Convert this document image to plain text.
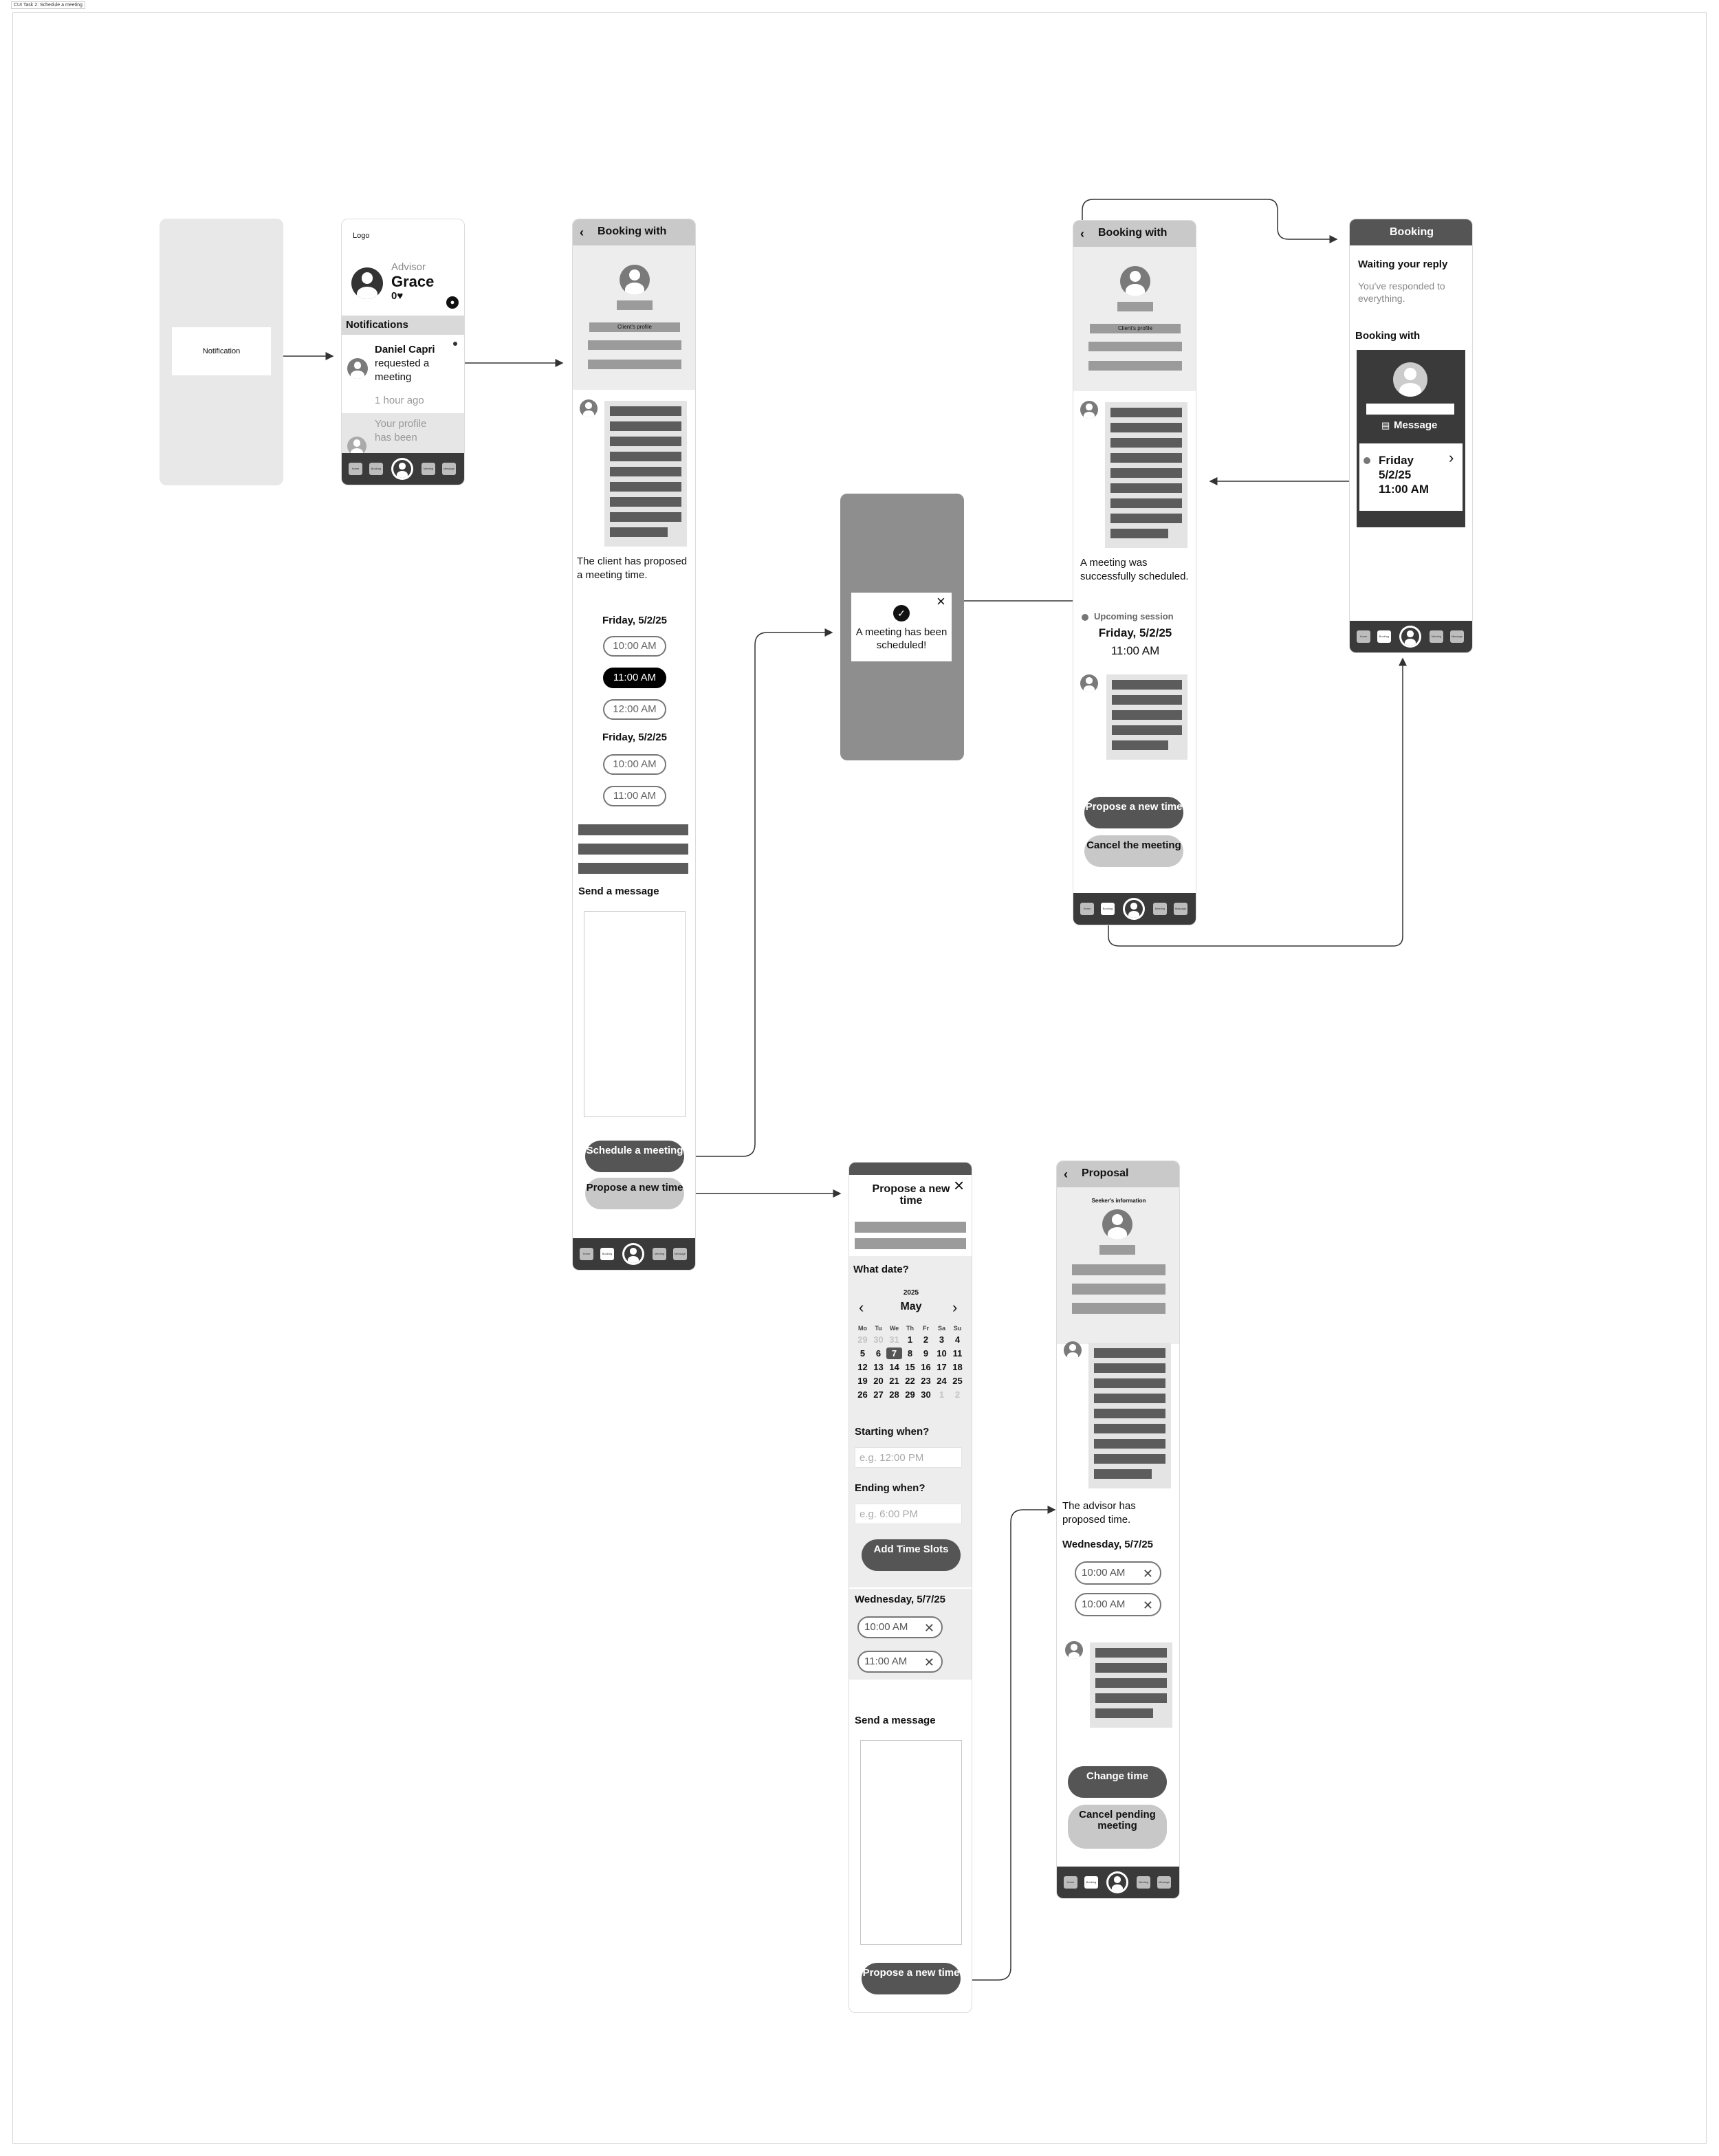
CUI Task 2: Schedule a meeting
Notification
Logo
Advisor
Grace
0♥
●
Notifications
Daniel Capri
requested a meeting
1 hour ago
Your profile has been
Home	Booking	Meeting	Message
‹ Booking with
Client's profile
The client has proposed a meeting time.
Friday, 5/2/25
10:00 AM
11:00 AM
12:00 AM
Friday, 5/2/25
10:00 AM
11:00 AM
Send a message
Schedule a meeting
Propose a new time
Home	Booking	Meeting	Message
×
✓
A meeting has been scheduled!
‹ Booking with
Client's profile
A meeting was successfully scheduled.
Upcoming session
Friday, 5/2/25
11:00 AM
Propose a new time
Cancel the meeting
Home	Booking	Meeting	Message
Booking
Waiting your reply
You've responded to everything.
Booking with
▤ Message
Friday
5/2/25
11:00 AM
›
Home	Booking	Meeting	Message
×
Propose a new time
What date?
2025
‹	May	›
Mo	Tu	We	Th	Fr	Sa	Su
29 30 31 1	2	3	4
5	6	7	8	9 10 11
12 13 14 15 16 17 18
19 20 21 22 23 24 25
26 27 28 29 30 1	2
Starting when?
e.g. 12:00 PM
Ending when?
e.g. 6:00 PM
Add Time Slots
Wednesday, 5/7/25
10:00 AM ✕
11:00 AM ✕
Send a message
Propose a new time
‹ Proposal
Seeker's information
The advisor has proposed time.
Wednesday, 5/7/25
10:00 AM ✕
10:00 AM ✕
Change time
Cancel pending meeting
Home	Booking	Meeting	Message
